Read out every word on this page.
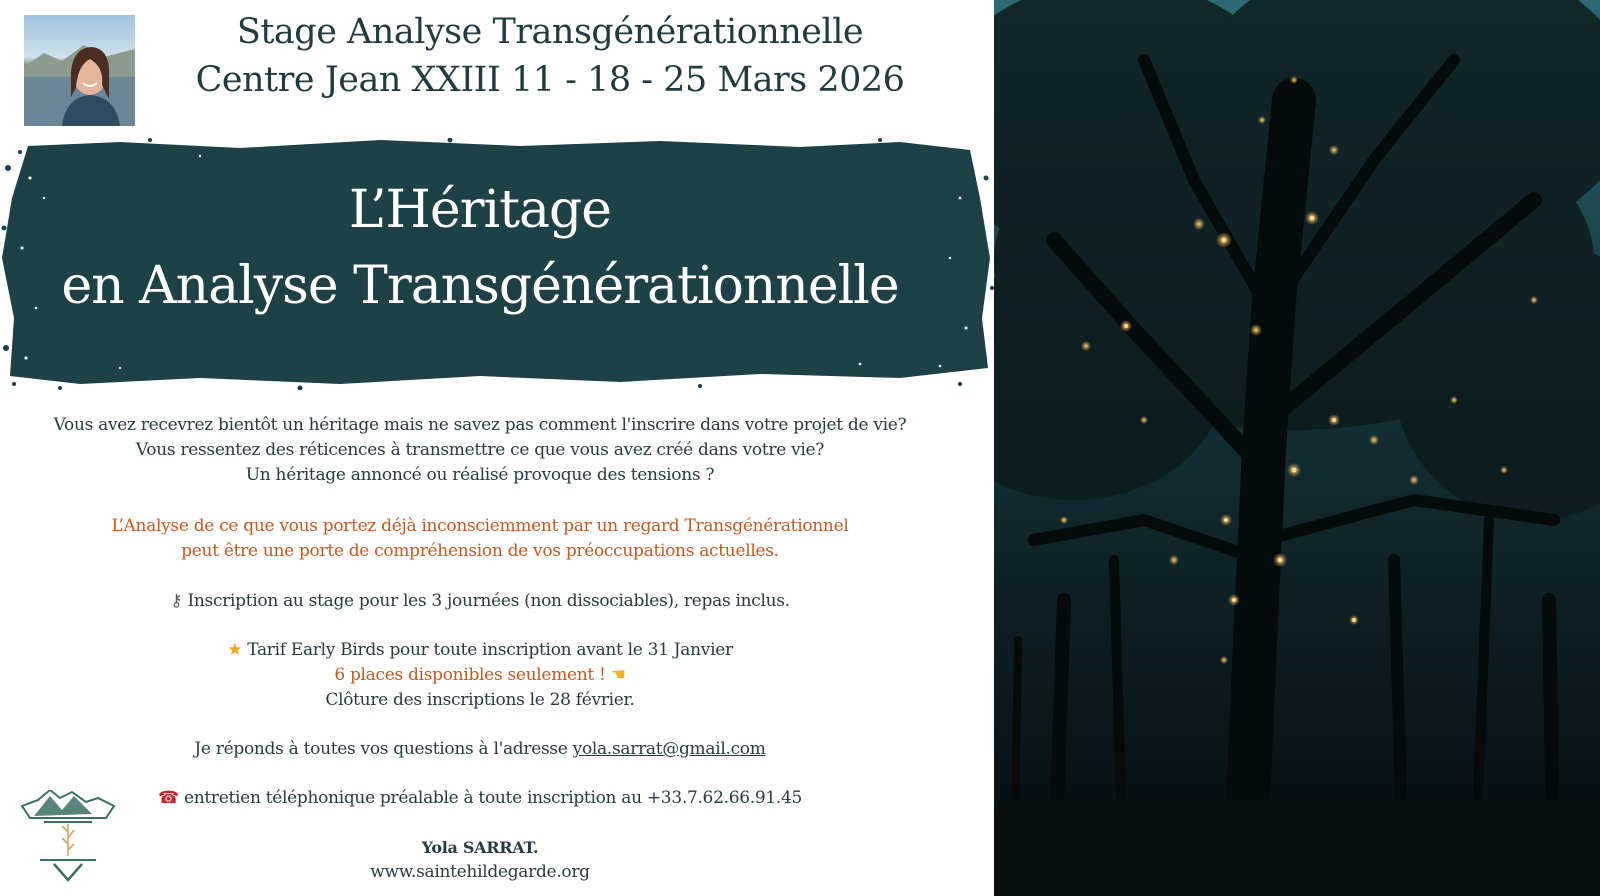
Stage Analyse Transgénérationnelle
Centre Jean XXIII 11 - 18 - 25 Mars 2026
L’Héritage
en Analyse Transgénérationnelle
Vous avez recevrez bientôt un héritage mais ne savez pas comment l'inscrire dans votre projet de vie?
Vous ressentez des réticences à transmettre ce que vous avez créé dans votre vie?
Un héritage annoncé ou réalisé provoque des tensions ?
L’Analyse de ce que vous portez déjà inconsciemment par un regard Transgénérationnel
peut être une porte de compréhension de vos préoccupations actuelles.
⚷ Inscription au stage pour les 3 journées (non dissociables), repas inclus.
★ Tarif Early Birds pour toute inscription avant le 31 Janvier
6 places disponibles seulement ! ☚
Clôture des inscriptions le 28 février.
Je réponds à toutes vos questions à l'adresse yola.sarrat@gmail.com
☎ entretien téléphonique préalable à toute inscription au +33.7.62.66.91.45
Yola SARRAT.
www.saintehildegarde.org
